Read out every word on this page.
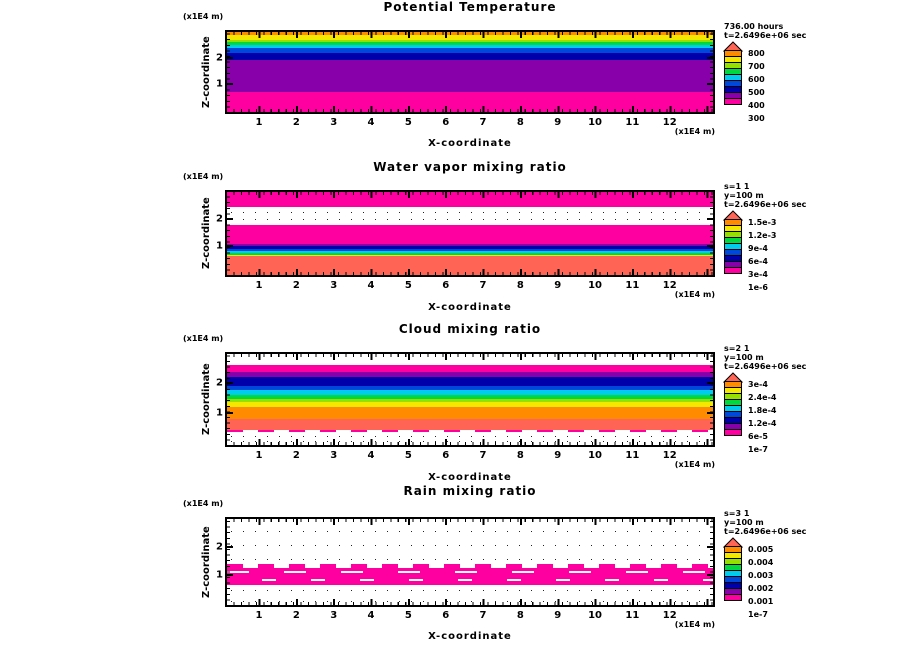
Potential Temperature
(x1E4 m)
Z-coordinate 2
1
1	2	3	4	5	6	7	8	9	10 11 12
(x1E4 m)
X-coordinate
736.00 hours
t=2.6496e+06 sec
800
700
600
500
400
300
Water vapor mixing ratio
(x1E4 m)
Z-coordinate 2
1
1	2	3	4	5	6	7	8	9	10 11 12
(x1E4 m)
X-coordinate
s=1 1
y=100 m
t=2.6496e+06 sec
1.5e-3
1.2e-3
9e-4
6e-4
3e-4
1e-6
Cloud mixing ratio
(x1E4 m)
Z-coordinate 2
1
1	2	3	4	5	6	7	8	9	10 11 12
(x1E4 m)
X-coordinate
s=2 1
y=100 m
t=2.6496e+06 sec
3e-4
2.4e-4
1.8e-4
1.2e-4
6e-5
1e-7
Rain mixing ratio
(x1E4 m)
Z-coordinate 2
1
1	2	3	4	5	6	7	8	9	10 11 12
(x1E4 m)
X-coordinate
s=3 1
y=100 m
t=2.6496e+06 sec
0.005
0.004
0.003
0.002
0.001
1e-7
